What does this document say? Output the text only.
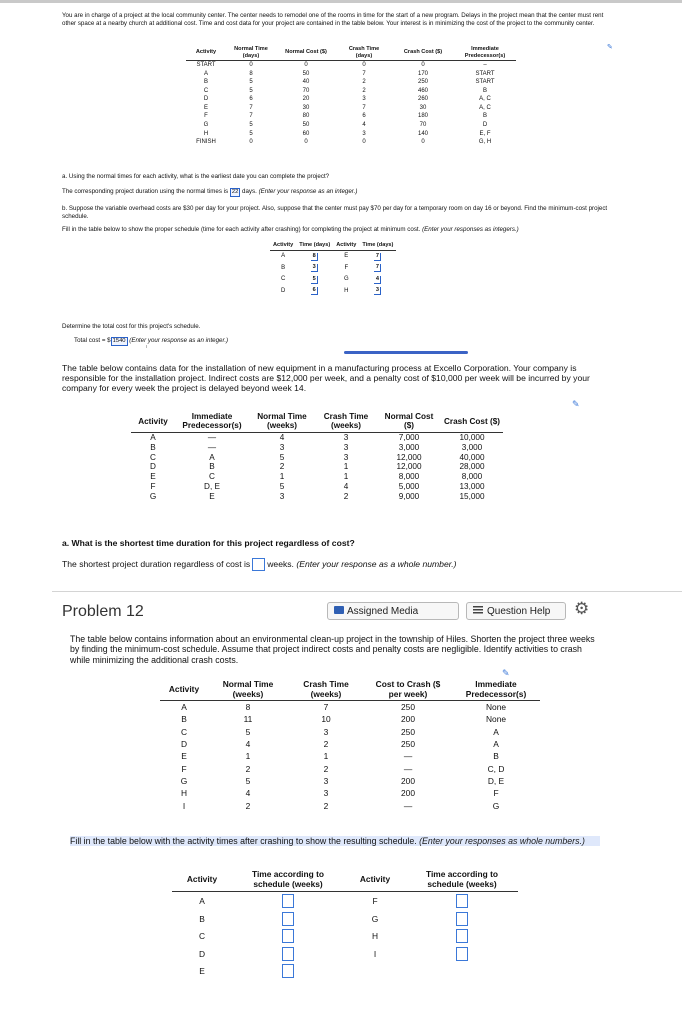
You are in charge of a project at the local community center. The center needs to remodel one of the rooms in time for the start of a new program. Delays in the project mean that the center must rent other space at a nearby church at additional cost. Time and cost data for your project are contained in the table below. Your interest is in minimizing the cost of the project to the community center.

✎
Activity	Normal Time (days)	Normal Cost ($)	Crash Time (days)	Crash Cost ($)	Immediate Predecessor(s)
START	0	0	0	0	–
A	8	50	7	170	START
B	5	40	2	250	START
C	5	70	2	460	B
D	6	20	3	260	A, C
E	7	30	7	30	A, C
F	7	80	6	180	B
G	5	50	4	70	D
H	5	60	3	140	E, F
FINISH	0	0	0	0	G, H

a. Using the normal times for each activity, what is the earliest date you can complete the project?

The corresponding project duration using the normal times is 22 days. (Enter your response as an integer.)

b. Suppose the variable overhead costs are $30 per day for your project. Also, suppose that the center must pay $70 per day for a temporary room on day 16 or beyond. Find the minimum-cost project schedule.

Fill in the table below to show the proper schedule (time for each activity after crashing) for completing the project at minimum cost. (Enter your responses as integers.)

Activity	Time (days)	Activity	Time (days)
A	8	E	7
B	3	F	7
C	5	G	4
D	6	H	3

Determine the total cost for this project's schedule.

Total cost = $ 1540 (Enter your response as an integer.)

The table below contains data for the installation of new equipment in a manufacturing process at Excello Corporation. Your company is responsible for the installation project. Indirect costs are $12,000 per week, and a penalty cost of $10,000 per week will be incurred by your company for every week the project is delayed beyond week 14.

✎
Activity	Immediate Predecessor(s)	Normal Time (weeks)	Crash Time (weeks)	Normal Cost ($)	Crash Cost ($)
A	—	4	3	7,000	10,000
B	—	3	3	3,000	3,000
C	A	5	3	12,000	40,000
D	B	2	1	12,000	28,000
E	C	1	1	8,000	8,000
F	D, E	5	4	5,000	13,000
G	E	3	2	9,000	15,000

a. What is the shortest time duration for this project regardless of cost?

The shortest project duration regardless of cost is weeks. (Enter your response as a whole number.)

Problem 12	Assigned Media	Question Help	⚙

The table below contains information about an environmental clean-up project in the township of Hiles. Shorten the project three weeks by finding the minimum-cost schedule. Assume that project indirect costs and penalty costs are negligible. Identify activities to crash while minimizing the additional crash costs.

✎
Activity	Normal Time (weeks)	Crash Time (weeks)	Cost to Crash ($ per week)	Immediate Predecessor(s)
A	8	7	250	None
B	11	10	200	None
C	5	3	250	A
D	4	2	250	A
E	1	1	—	B
F	2	2	—	C, D
G	5	3	200	D, E
H	4	3	200	F
I	2	2	—	G
Fill in the table below with the activity times after crashing to show the resulting schedule. (Enter your responses as whole numbers.)
Activity	Time according to schedule (weeks)	Activity	Time according to schedule (weeks)
A		F	
B		G	
C		H	
D		I	
E			
